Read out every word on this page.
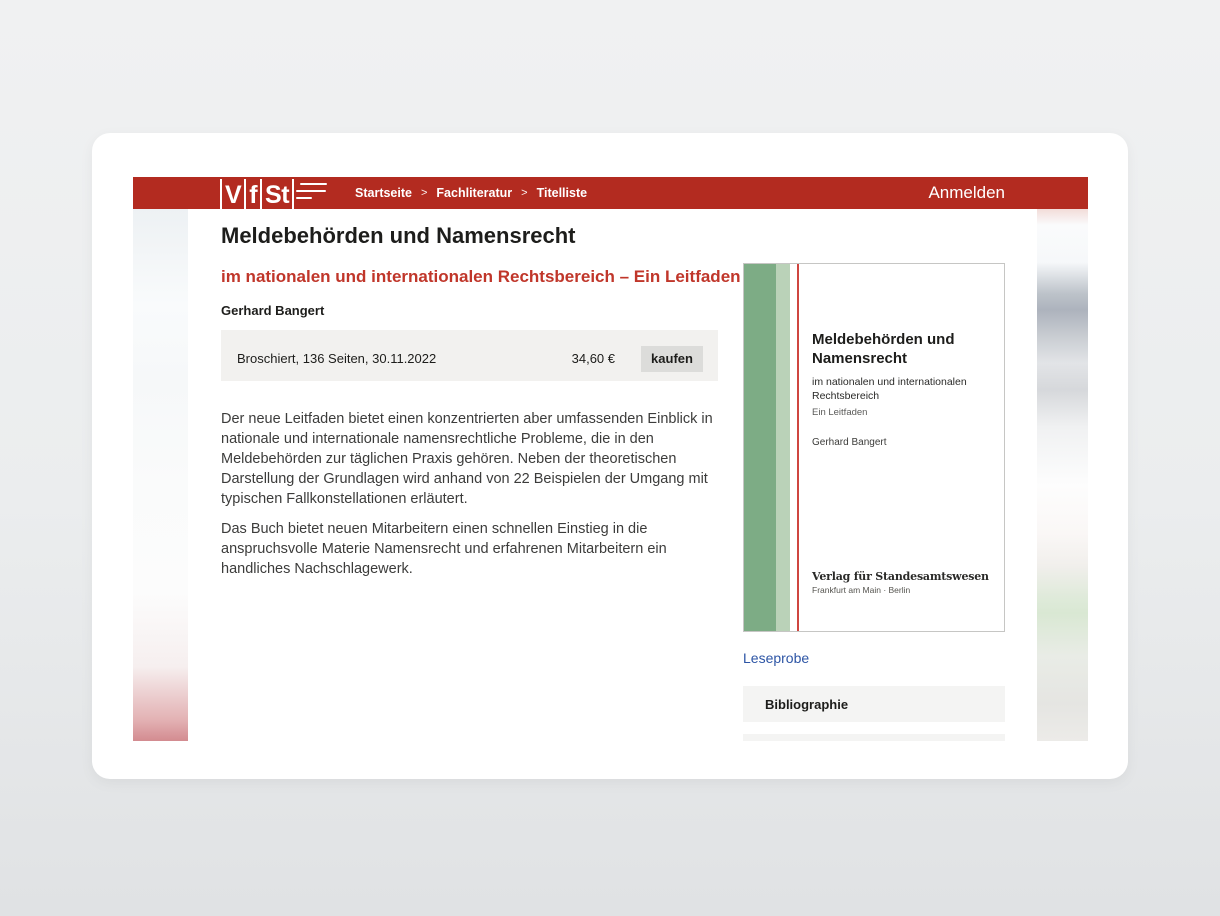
V f St	Startseite > Fachliteratur > Titelliste	Anmelden
Meldebehörden und Namensrecht
im nationalen und internationalen Rechtsbereich – Ein Leitfaden
Gerhard Bangert
Broschiert, 136 Seiten, 30.11.2022	34,60 €	kaufen

Der neue Leitfaden bietet einen konzentrierten aber umfassenden Einblick in nationale und internationale namensrechtliche Probleme, die in den Meldebehörden zur täglichen Praxis gehören. Neben der theoretischen Darstellung der Grundlagen wird anhand von 22 Beispielen der Umgang mit typischen Fallkonstellationen erläutert.

Das Buch bietet neuen Mitarbeitern einen schnellen Einstieg in die anspruchsvolle Materie Namensrecht und erfahrenen Mitarbeitern ein handliches Nachschlagewerk.

Meldebehörden und
Namensrecht
im nationalen und internationalen
Rechtsbereich
Ein Leitfaden
Gerhard Bangert
Verlag für Standesamtswesen
Frankfurt am Main · Berlin
Leseprobe
Bibliographie
